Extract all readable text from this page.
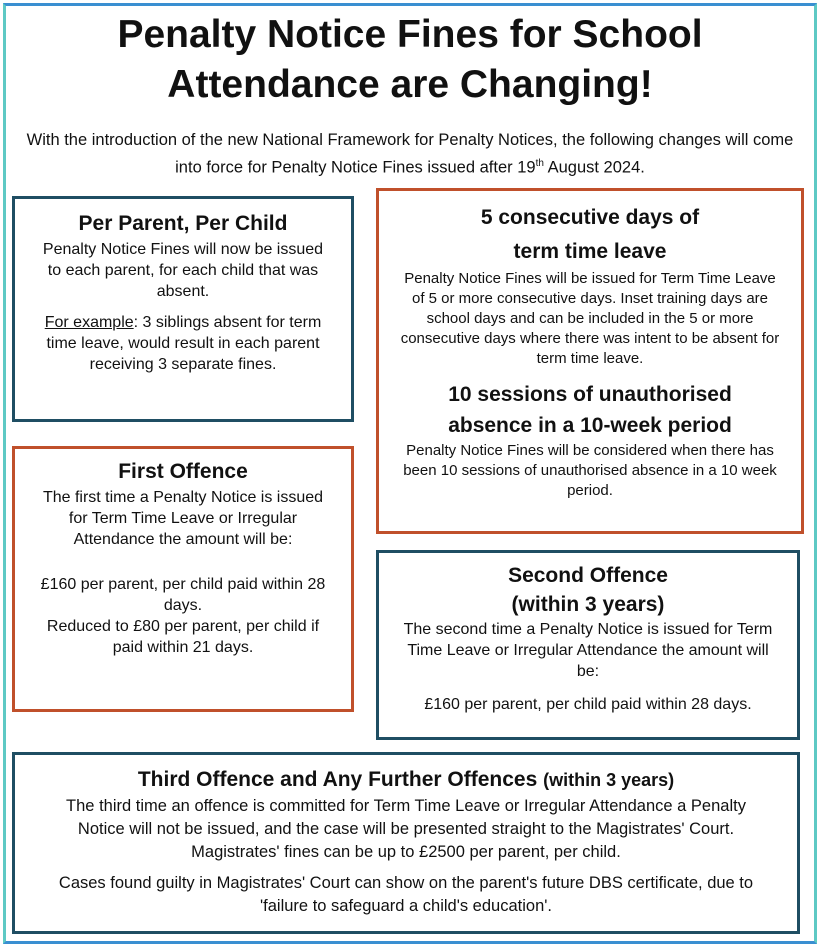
Penalty Notice Fines for School
Attendance are Changing!

With the introduction of the new National Framework for Penalty Notices, the following changes will come into force for Penalty Notice Fines issued after 19th August 2024.

Per Parent, Per Child

Penalty Notice Fines will now be issued to each parent, for each child that was absent.

For example: 3 siblings absent for term time leave, would result in each parent receiving 3 separate fines.

5 consecutive days of
term time leave

Penalty Notice Fines will be issued for Term Time Leave of 5 or more consecutive days. Inset training days are school days and can be included in the 5 or more consecutive days where there was intent to be absent for term time leave.

10 sessions of unauthorised
absence in a 10-week period

Penalty Notice Fines will be considered when there has been 10 sessions of unauthorised absence in a 10 week period.

First Offence

The first time a Penalty Notice is issued for Term Time Leave or Irregular Attendance the amount will be:

£160 per parent, per child paid within 28 days.

Reduced to £80 per parent, per child if paid within 21 days.

Second Offence
(within 3 years)

The second time a Penalty Notice is issued for Term Time Leave or Irregular Attendance the amount will be:

£160 per parent, per child paid within 28 days.

Third Offence and Any Further Offences (within 3 years)

The third time an offence is committed for Term Time Leave or Irregular Attendance a Penalty Notice will not be issued, and the case will be presented straight to the Magistrates' Court. Magistrates' fines can be up to £2500 per parent, per child.

Cases found guilty in Magistrates' Court can show on the parent's future DBS certificate, due to 'failure to safeguard a child's education'.
